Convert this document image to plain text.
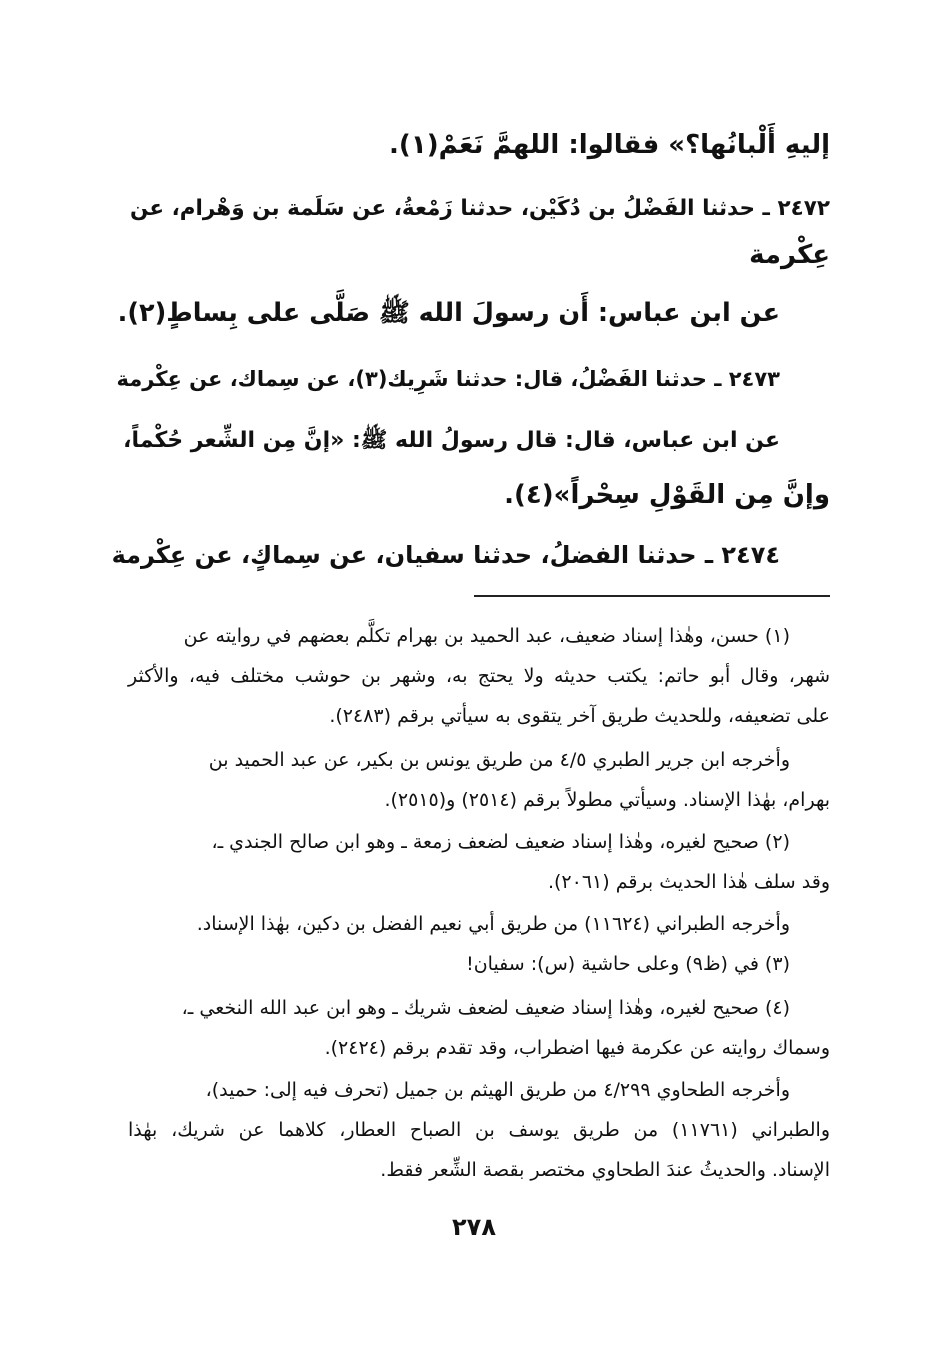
إليهِ أَلْبانُها؟» فقالوا: اللهمَّ نَعَمْ(١).
٢٤٧٢ ـ حدثنا الفَضْلُ بن دُكَيْن، حدثنا زَمْعةُ، عن سَلَمة بن وَهْرام، عن
عِكْرمة
عن ابن عباس: أَن رسولَ الله ﷺ صَلَّى على بِساطٍ(٢).
٢٤٧٣ ـ حدثنا الفَضْلُ، قال: حدثنا شَرِيك(٣)، عن سِماك، عن عِكْرمة
عن ابن عباس، قال: قال رسولُ الله ﷺ: «إنَّ مِن الشِّعر حُكْماً،
وإنَّ مِن القَوْلِ سِحْراً»(٤).
٢٤٧٤ ـ حدثنا الفضلُ، حدثنا سفيان، عن سِماكٍ، عن عِكْرمة
(١) حسن، وهٰذا إسناد ضعيف، عبد الحميد بن بهرام تكلَّم بعضهم في روايته عن
شهر، وقال أبو حاتم: يكتب حديثه ولا يحتج به، وشهر بن حوشب مختلف فيه، والأكثر
على تضعيفه، وللحديث طريق آخر يتقوى به سيأتي برقم (٢٤٨٣).
وأخرجه ابن جرير الطبري ٤/٥ من طريق يونس بن بكير، عن عبد الحميد بن
بهرام، بهٰذا الإسناد. وسيأتي مطولاً برقم (٢٥١٤) و(٢٥١٥).
(٢) صحيح لغيره، وهٰذا إسناد ضعيف لضعف زمعة ـ وهو ابن صالح الجندي ـ،
وقد سلف هٰذا الحديث برقم (٢٠٦١).
وأخرجه الطبراني (١١٦٢٤) من طريق أبي نعيم الفضل بن دكين، بهٰذا الإسناد.
(٣) في (ظ٩) وعلى حاشية (س): سفيان!
(٤) صحيح لغيره، وهٰذا إسناد ضعيف لضعف شريك ـ وهو ابن عبد الله النخعي ـ،
وسماك روايته عن عكرمة فيها اضطراب، وقد تقدم برقم (٢٤٢٤).
وأخرجه الطحاوي ٤/٢٩٩ من طريق الهيثم بن جميل (تحرف فيه إلى: حميد)،
والطبراني (١١٧٦١) من طريق يوسف بن الصباح العطار، كلاهما عن شريك، بهٰذا
الإسناد. والحديثُ عندَ الطحاوي مختصر بقصة الشِّعر فقط.
٢٧٨
